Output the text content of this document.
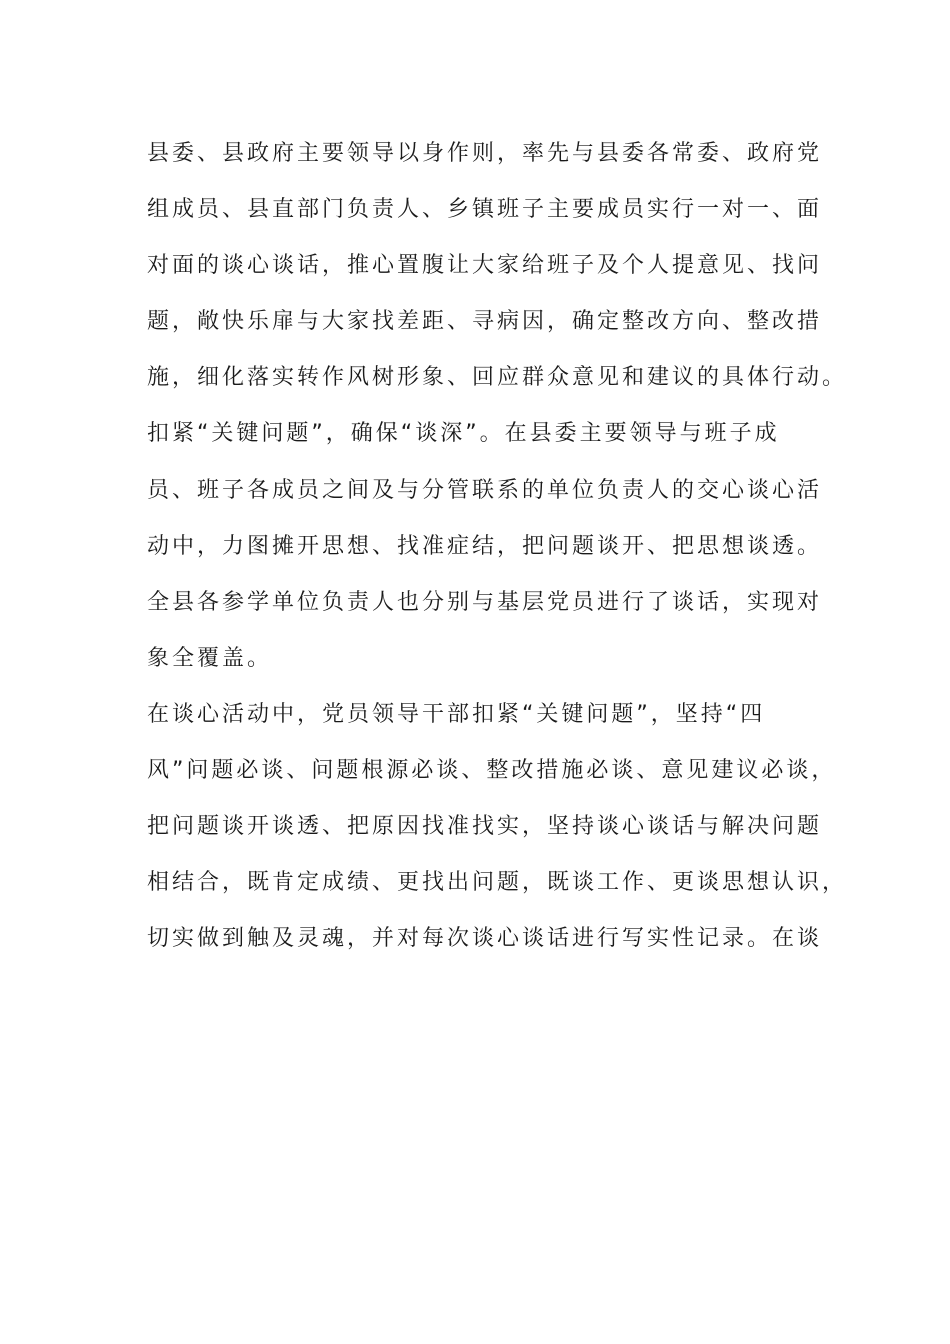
县委、县政府主要领导以身作则，率先与县委各常委、政府党
组成员、县直部门负责人、乡镇班子主要成员实行一对一、面
对面的谈心谈话，推心置腹让大家给班子及个人提意见、找问
题，敞快乐扉与大家找差距、寻病因，确定整改方向、整改措
施，细化落实转作风树形象、回应群众意见和建议的具体行动。
扣紧“关键问题”，确保“谈深”。在县委主要领导与班子成
员、班子各成员之间及与分管联系的单位负责人的交心谈心活
动中，力图摊开思想、找准症结，把问题谈开、把思想谈透。
全县各参学单位负责人也分别与基层党员进行了谈话，实现对
象全覆盖。
在谈心活动中，党员领导干部扣紧“关键问题”，坚持“四
风”问题必谈、问题根源必谈、整改措施必谈、意见建议必谈，
把问题谈开谈透、把原因找准找实，坚持谈心谈话与解决问题
相结合，既肯定成绩、更找出问题，既谈工作、更谈思想认识，
切实做到触及灵魂，并对每次谈心谈话进行写实性记录。在谈
